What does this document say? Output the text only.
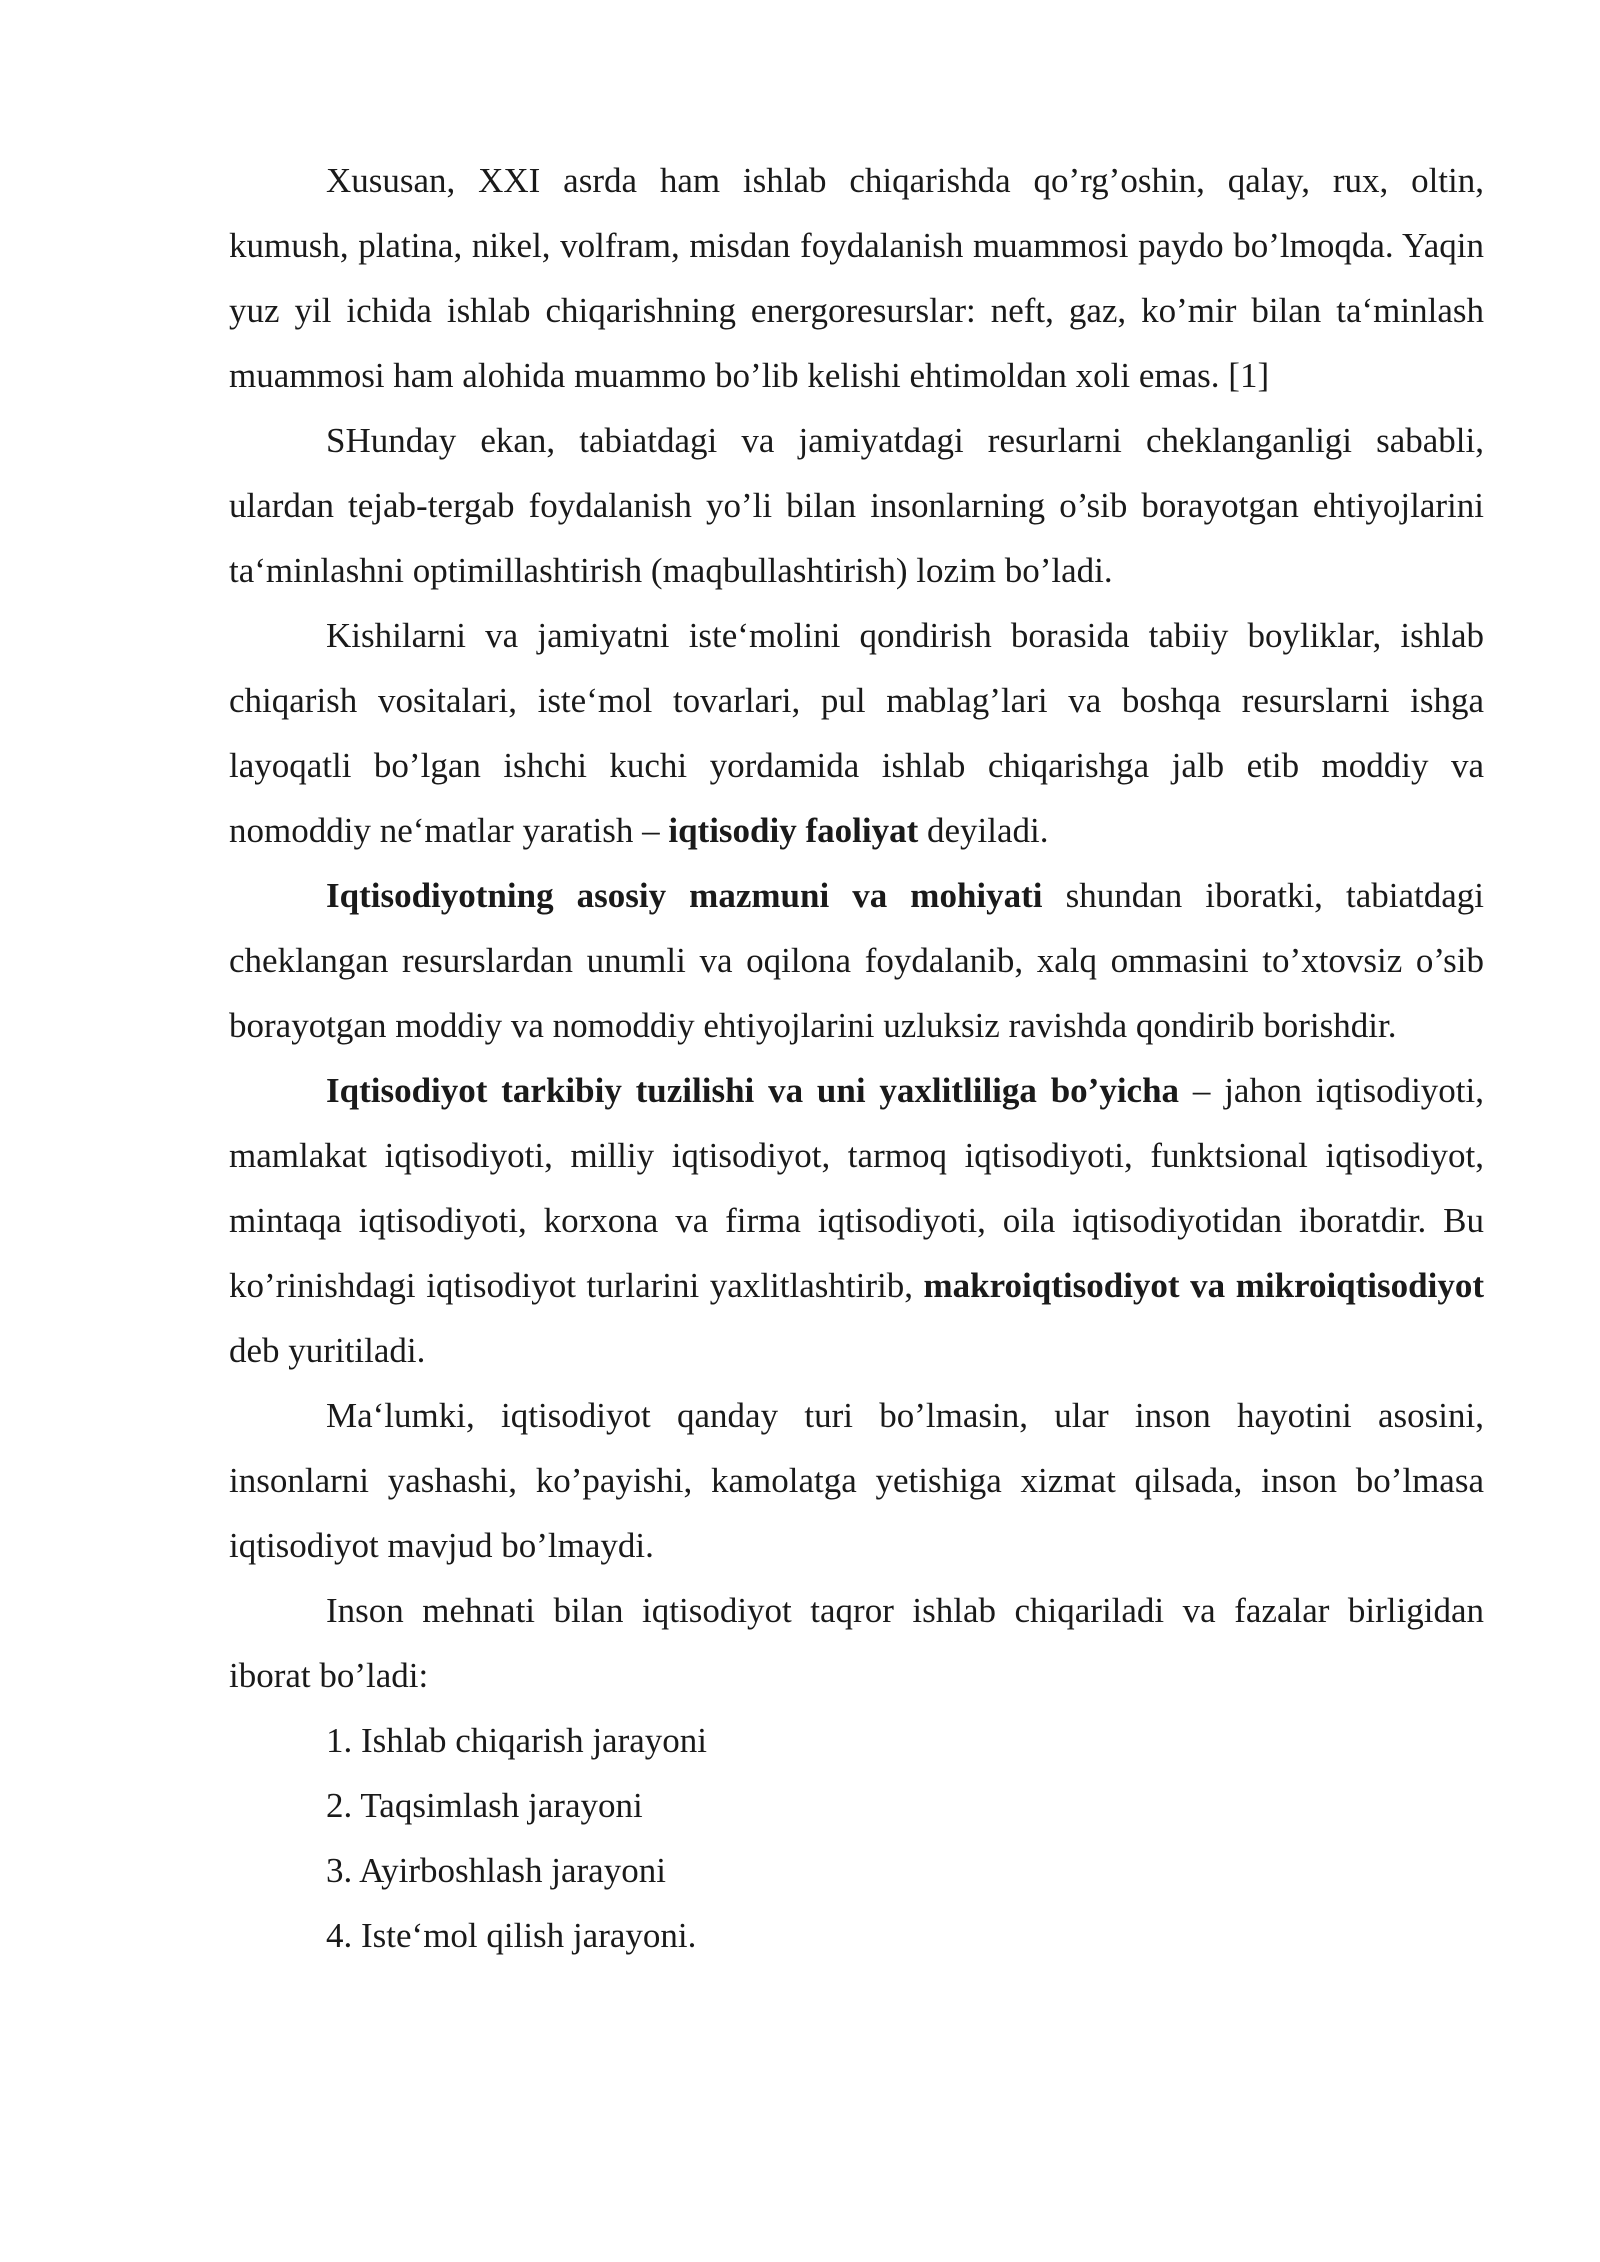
Xususan, XXI asrda ham ishlab chiqarishda qo’rg’oshin, qalay, rux, oltin, kumush, platina, nikel, volfram, misdan foydalanish muammosi paydo bo’lmoqda. Yaqin yuz yil ichida ishlab chiqarishning energoresurslar: neft, gaz, ko’mir bilan ta‘minlash muammosi ham alohida muammo bo’lib kelishi ehtimoldan xoli emas. [1]

SHunday ekan, tabiatdagi va jamiyatdagi resurlarni cheklanganligi sababli, ulardan tejab-tergab foydalanish yo’li bilan insonlarning o’sib borayotgan ehtiyojlarini ta‘minlashni optimillashtirish (maqbullashtirish) lozim bo’ladi.

Kishilarni va jamiyatni iste‘molini qondirish borasida tabiiy boyliklar, ishlab chiqarish vositalari, iste‘mol tovarlari, pul mablag’lari va boshqa resurslarni ishga layoqatli bo’lgan ishchi kuchi yordamida ishlab chiqarishga jalb etib moddiy va nomoddiy ne‘matlar yaratish – iqtisodiy faoliyat deyiladi.

Iqtisodiyotning asosiy mazmuni va mohiyati shundan iboratki, tabiatdagi cheklangan resurslardan unumli va oqilona foydalanib, xalq ommasini to’xtovsiz o’sib borayotgan moddiy va nomoddiy ehtiyojlarini uzluksiz ravishda qondirib borishdir.

Iqtisodiyot tarkibiy tuzilishi va uni yaxlitliliga bo’yicha – jahon iqtisodiyoti, mamlakat iqtisodiyoti, milliy iqtisodiyot, tarmoq iqtisodiyoti, funktsional iqtisodiyot, mintaqa iqtisodiyoti, korxona va firma iqtisodiyoti, oila iqtisodiyotidan iboratdir. Bu ko’rinishdagi iqtisodiyot turlarini yaxlitlashtirib, makroiqtisodiyot va mikroiqtisodiyot deb yuritiladi.

Ma‘lumki, iqtisodiyot qanday turi bo’lmasin, ular inson hayotini asosini, insonlarni yashashi, ko’payishi, kamolatga yetishiga xizmat qilsada, inson bo’lmasa iqtisodiyot mavjud bo’lmaydi.

Inson mehnati bilan iqtisodiyot taqror ishlab chiqariladi va fazalar birligidan iborat bo’ladi:

1. Ishlab chiqarish jarayoni

2. Taqsimlash jarayoni

3. Ayirboshlash jarayoni

4. Iste‘mol qilish jarayoni.
